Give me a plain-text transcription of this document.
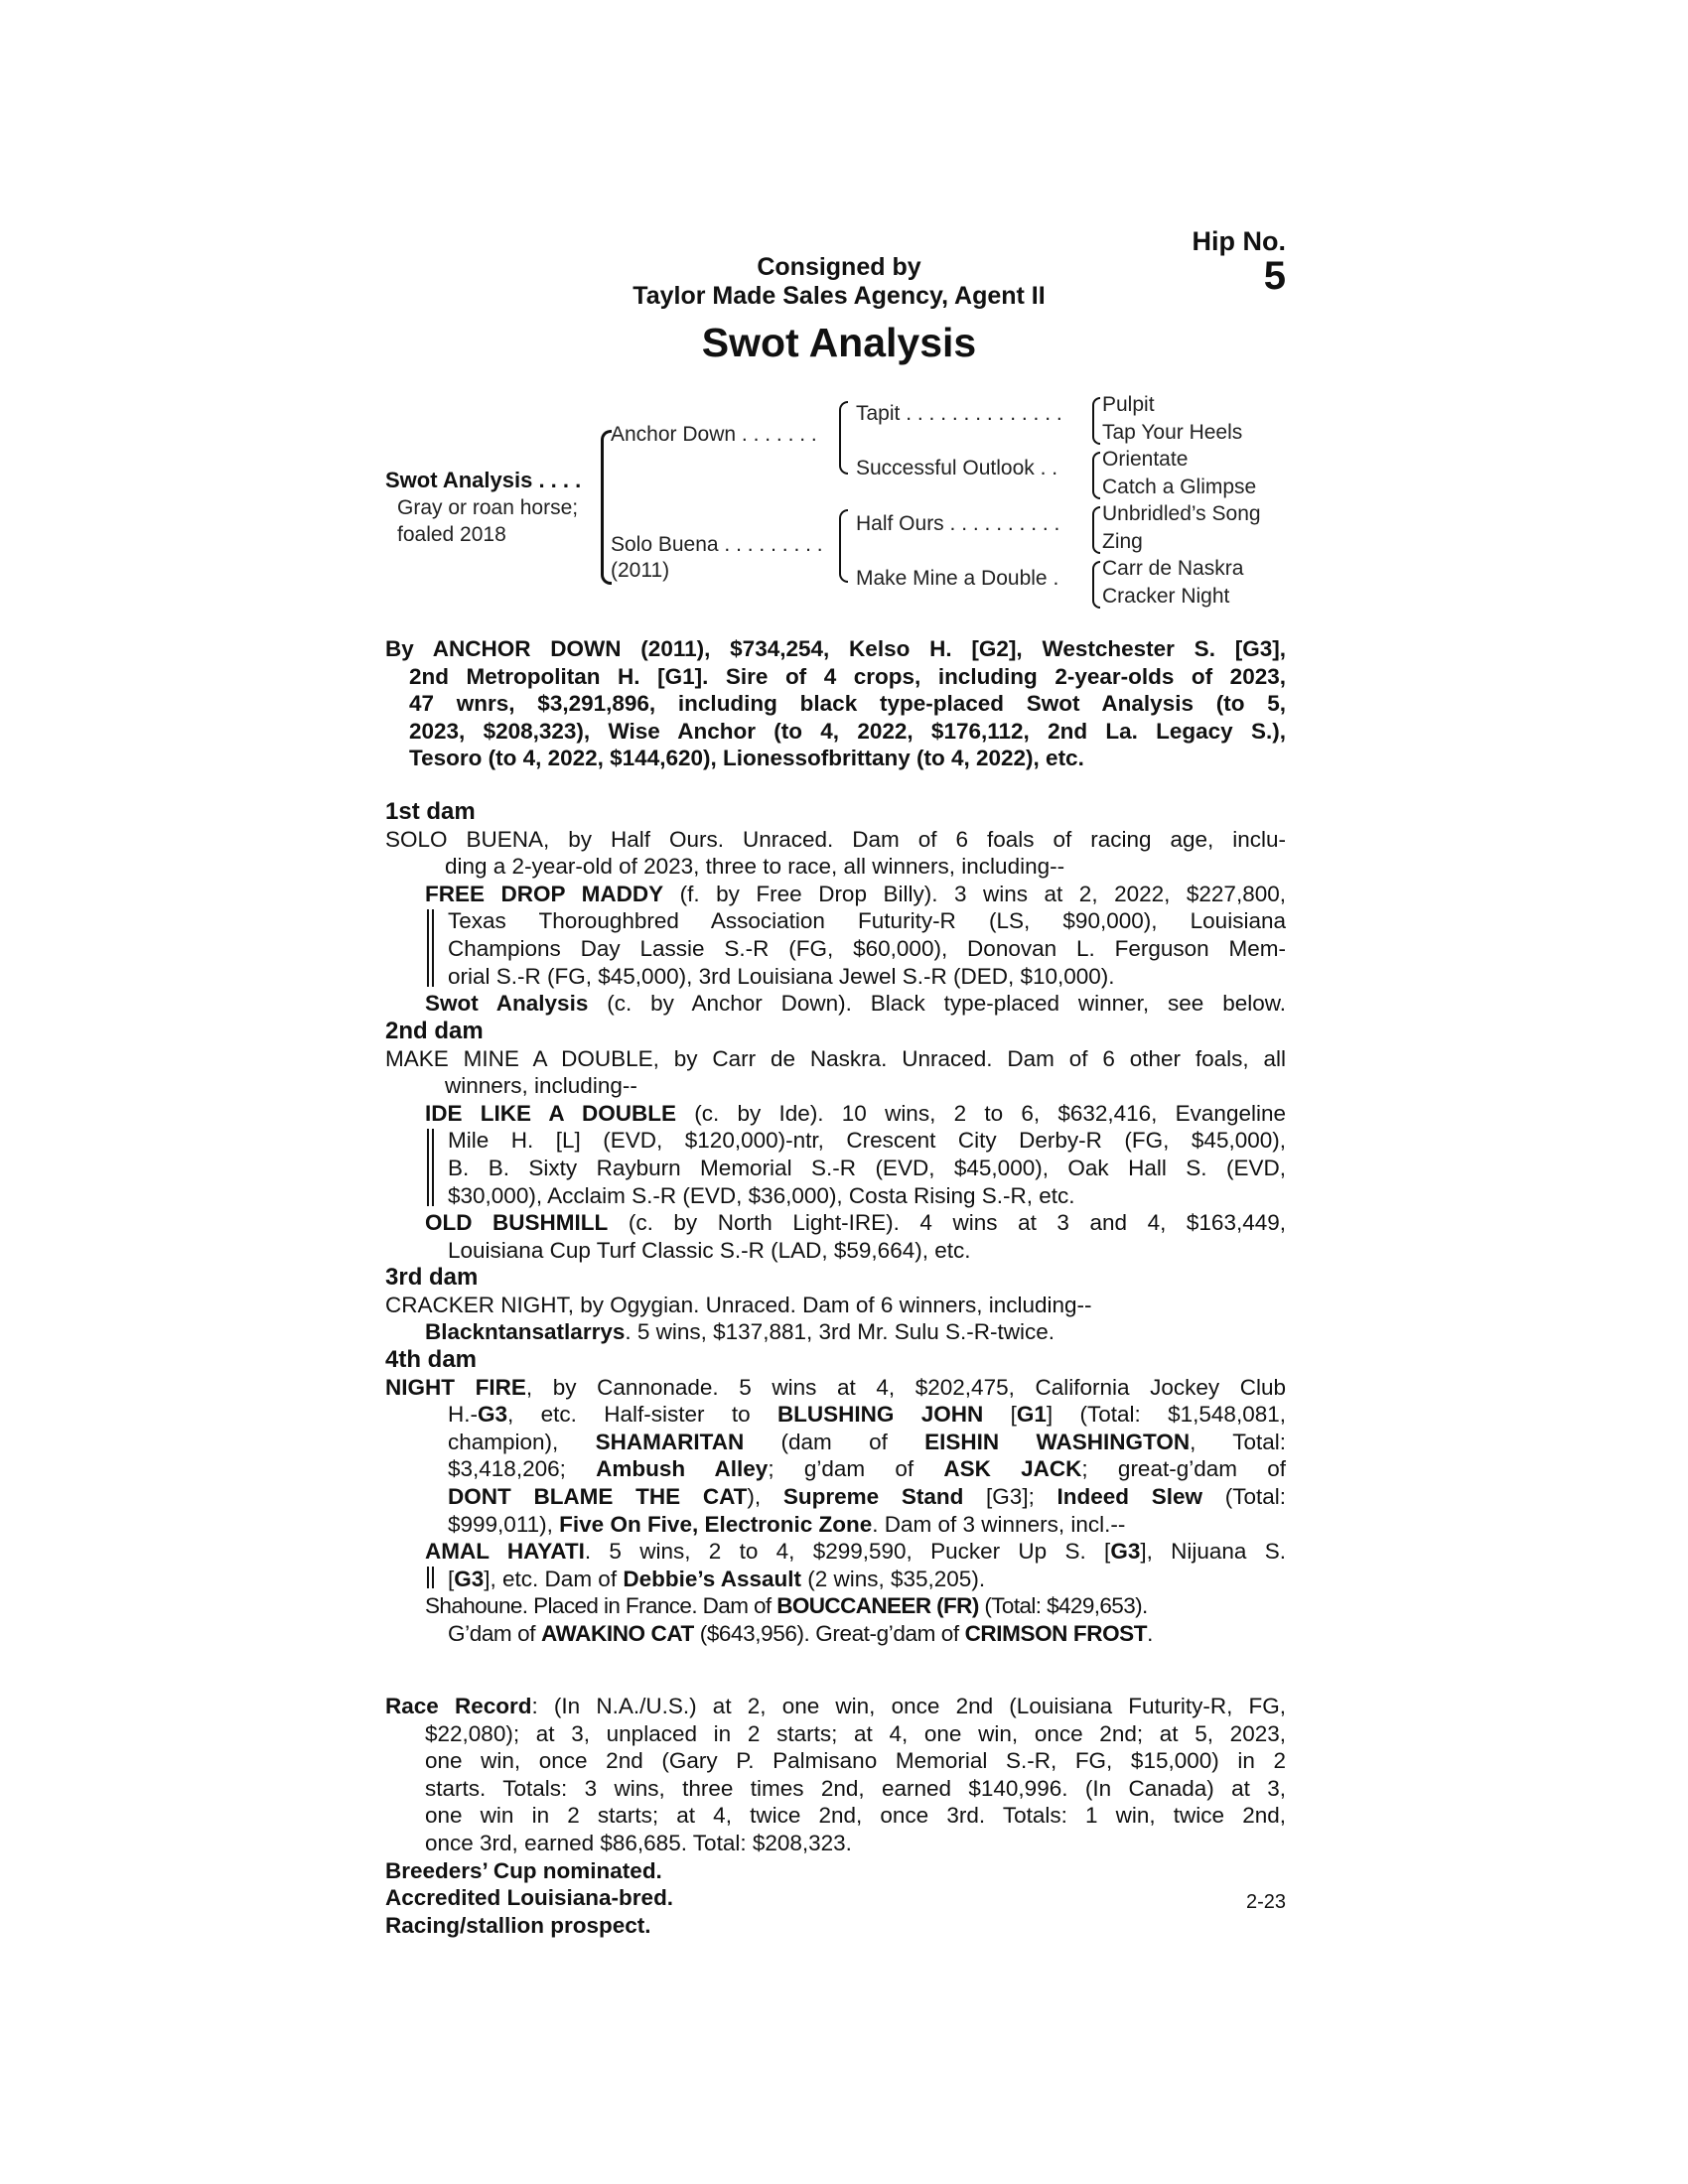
Hip No.
5
Consigned by
Taylor Made Sales Agency, Agent II
Swot Analysis
Swot Analysis . . . .
Gray or roan horse;
foaled 2018
Anchor Down . . . . . . .
Solo Buena . . . . . . . . .
(2011)
Tapit . . . . . . . . . . . . . .
Successful Outlook . .
Half Ours . . . . . . . . . .
Make Mine a Double .
Pulpit
Tap Your Heels
Orientate
Catch a Glimpse
Unbridled’s Song
Zing
Carr de Naskra
Cracker Night
By ANCHOR DOWN (2011), $734,254, Kelso H. [G2], Westchester S. [G3],
2nd Metropolitan H. [G1]. Sire of 4 crops, including 2-year-olds of 2023,
47 wnrs, $3,291,896, including black type-placed Swot Analysis (to 5,
2023, $208,323), Wise Anchor (to 4, 2022, $176,112, 2nd La. Legacy S.),
Tesoro (to 4, 2022, $144,620), Lionessofbrittany (to 4, 2022), etc.
1st dam
SOLO BUENA, by Half Ours. Unraced. Dam of 6 foals of racing age, inclu-
ding a 2-year-old of 2023, three to race, all winners, including--
FREE DROP MADDY (f. by Free Drop Billy). 3 wins at 2, 2022, $227,800,
Texas Thoroughbred Association Futurity-R (LS, $90,000), Louisiana
Champions Day Lassie S.-R (FG, $60,000), Donovan L. Ferguson Mem-
orial S.-R (FG, $45,000), 3rd Louisiana Jewel S.-R (DED, $10,000).
Swot Analysis (c. by Anchor Down). Black type-placed winner, see below.
2nd dam
MAKE MINE A DOUBLE, by Carr de Naskra. Unraced. Dam of 6 other foals, all
winners, including--
IDE LIKE A DOUBLE (c. by Ide). 10 wins, 2 to 6, $632,416, Evangeline
Mile H. [L] (EVD, $120,000)-ntr, Crescent City Derby-R (FG, $45,000),
B. B. Sixty Rayburn Memorial S.-R (EVD, $45,000), Oak Hall S. (EVD,
$30,000), Acclaim S.-R (EVD, $36,000), Costa Rising S.-R, etc.
OLD BUSHMILL (c. by North Light-IRE). 4 wins at 3 and 4, $163,449,
Louisiana Cup Turf Classic S.-R (LAD, $59,664), etc.
3rd dam
CRACKER NIGHT, by Ogygian. Unraced. Dam of 6 winners, including--
Blackntansatlarrys. 5 wins, $137,881, 3rd Mr. Sulu S.-R-twice.
4th dam
NIGHT FIRE, by Cannonade. 5 wins at 4, $202,475, California Jockey Club
H.-G3, etc. Half-sister to BLUSHING JOHN [G1] (Total: $1,548,081,
champion), SHAMARITAN (dam of EISHIN WASHINGTON, Total:
$3,418,206; Ambush Alley; g’dam of ASK JACK; great-g’dam of
DONT BLAME THE CAT), Supreme Stand [G3]; Indeed Slew (Total:
$999,011), Five On Five, Electronic Zone. Dam of 3 winners, incl.--
AMAL HAYATI. 5 wins, 2 to 4, $299,590, Pucker Up S. [G3], Nijuana S.
[G3], etc. Dam of Debbie’s Assault (2 wins, $35,205).
Shahoune. Placed in France. Dam of BOUCCANEER (FR) (Total: $429,653).
G’dam of AWAKINO CAT ($643,956). Great-g’dam of CRIMSON FROST.
Race Record: (In N.A./U.S.) at 2, one win, once 2nd (Louisiana Futurity-R, FG,
$22,080); at 3, unplaced in 2 starts; at 4, one win, once 2nd; at 5, 2023,
one win, once 2nd (Gary P. Palmisano Memorial S.-R, FG, $15,000) in 2
starts. Totals: 3 wins, three times 2nd, earned $140,996. (In Canada) at 3,
one win in 2 starts; at 4, twice 2nd, once 3rd. Totals: 1 win, twice 2nd,
once 3rd, earned $86,685. Total: $208,323.
Breeders’ Cup nominated.
Accredited Louisiana-bred.
Racing/stallion prospect.
2-23
